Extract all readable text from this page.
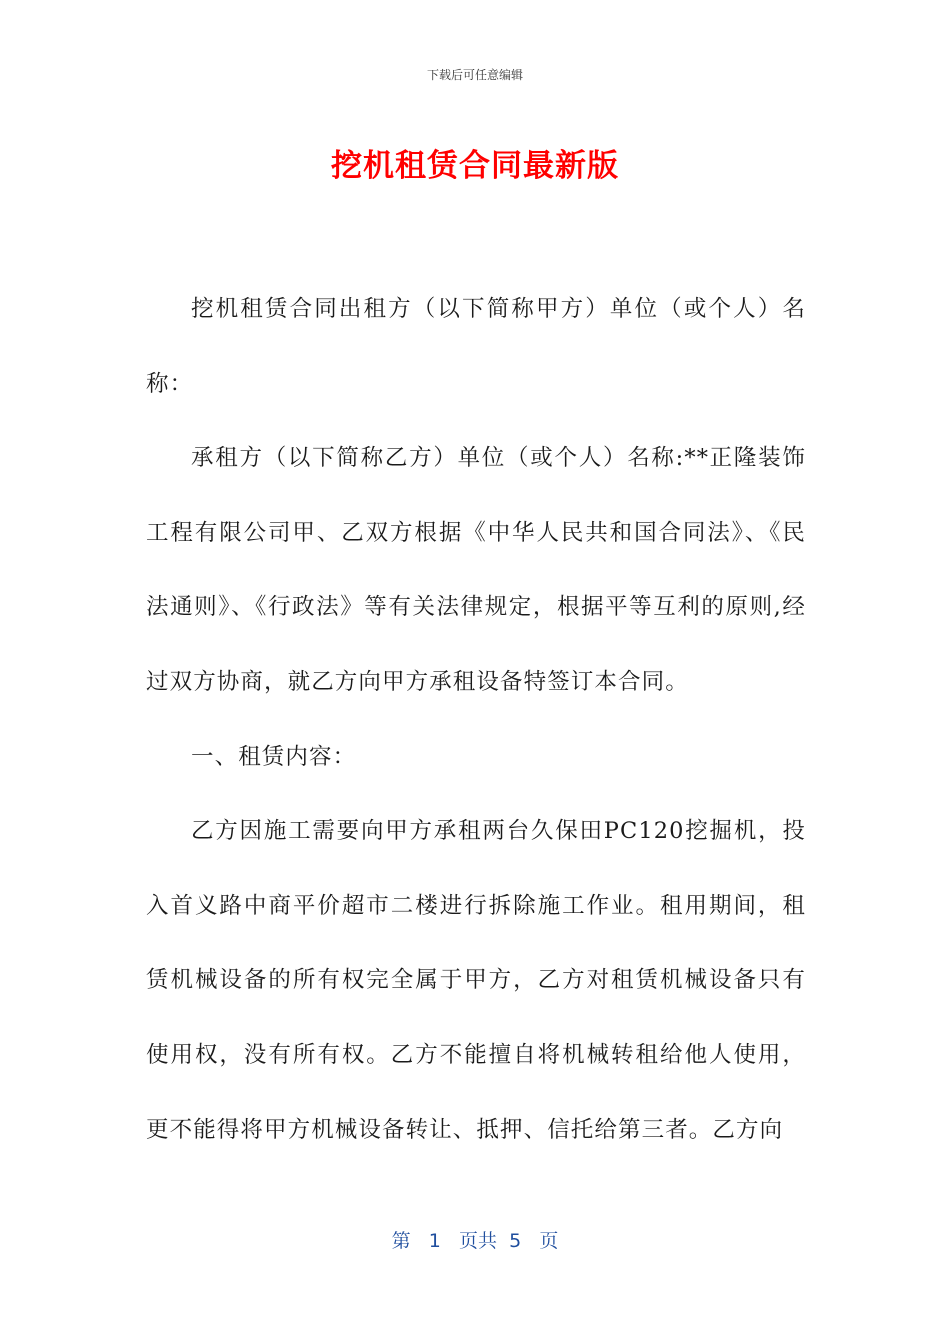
下载后可任意编辑
挖机租赁合同最新版

挖机租赁合同出租方（以下简称甲方）单位（或个人）名称：

承租方（以下简称乙方）单位（或个人）名称:**正隆装饰工程有限公司甲、乙双方根据《中华人民共和国合同法》、《民法通则》、《行政法》等有关法律规定，根据平等互利的原则,经过双方协商，就乙方向甲方承租设备特签订本合同。

一、租赁内容：

乙方因施工需要向甲方承租两台久保田PC120挖掘机，投入首义路中商平价超市二楼进行拆除施工作业。租用期间，租赁机械设备的所有权完全属于甲方，乙方对租赁机械设备只有使用权，没有所有权。乙方不能擅自将机械转租给他人使用，更不能得将甲方机械设备转让、抵押、信托给第三者。乙方向

第 1 页共 5 页
